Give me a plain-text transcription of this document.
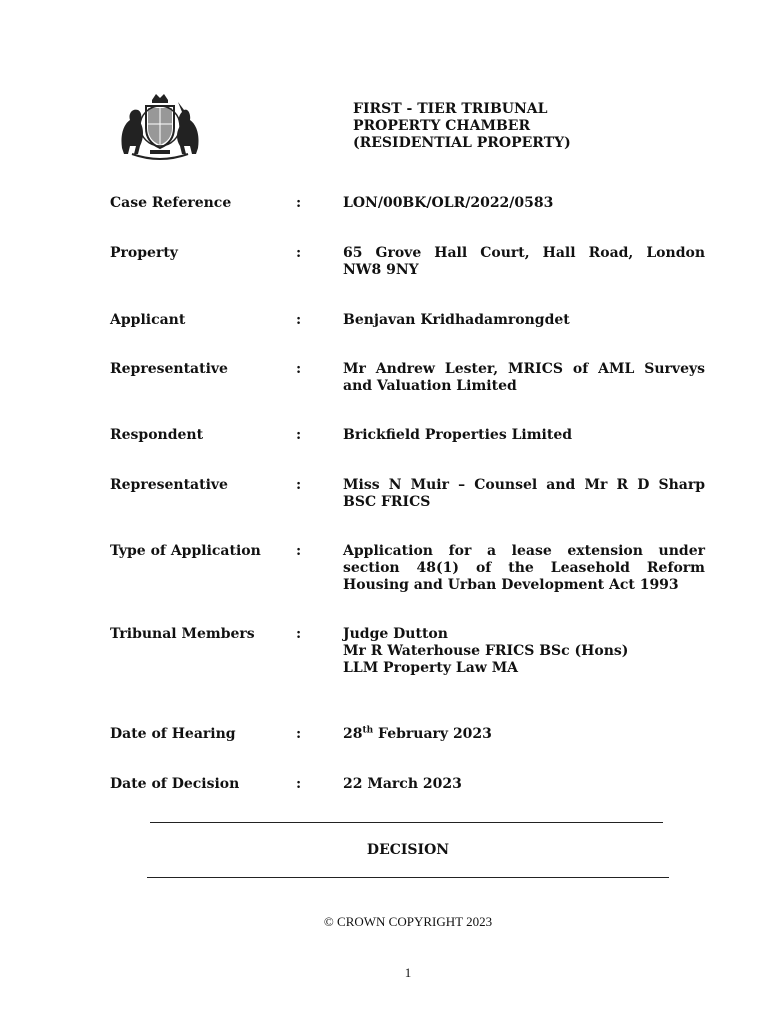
FIRST - TIER TRIBUNAL
PROPERTY CHAMBER
(RESIDENTIAL PROPERTY)
Case Reference	:	LON/00BK/OLR/2022/0583
Property	:	65 Grove Hall Court, Hall Road, London
NW8 9NY
Applicant	:	Benjavan Kridhadamrongdet
Representative	:	Mr Andrew Lester, MRICS of AML Surveys
and Valuation Limited
Respondent	:	Brickfield Properties Limited
Representative	:	Miss N Muir – Counsel and Mr R D Sharp
BSC FRICS
Type of Application	:	Application for a lease extension under
section 48(1) of the Leasehold Reform
Housing and Urban Development Act 1993
Tribunal Members	:	Judge Dutton
Mr R Waterhouse FRICS BSc (Hons)
LLM Property Law MA
Date of Hearing	:	28th February 2023
Date of Decision	:	22 March 2023
DECISION
© CROWN COPYRIGHT 2023
1
